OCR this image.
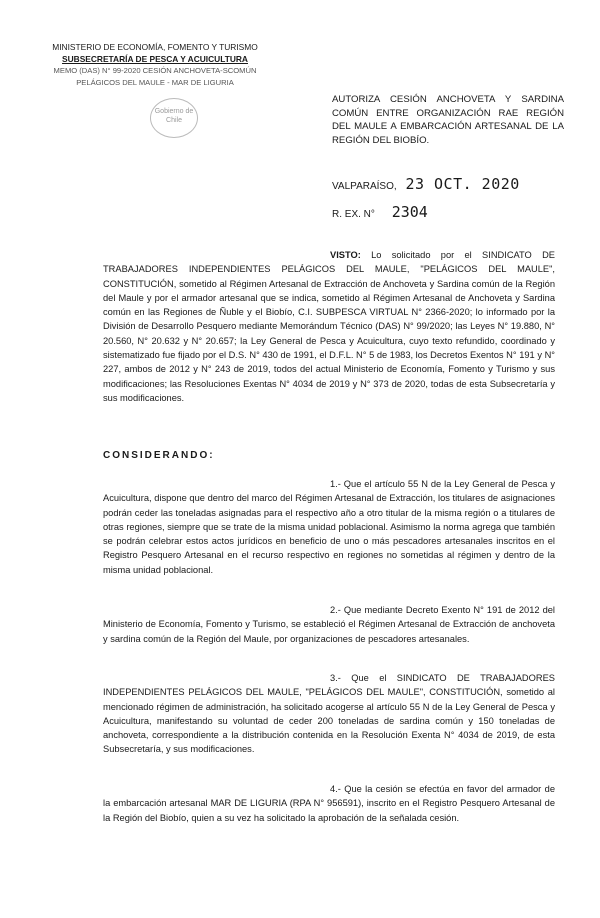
MINISTERIO DE ECONOMÍA, FOMENTO Y TURISMO
SUBSECRETARÍA DE PESCA Y ACUICULTURA
MEMO (DAS) N° 99-2020 CESIÓN ANCHOVETA-SCOMÚN
PELÁGICOS DEL MAULE - MAR DE LIGURIA
Gobierno de Chile
AUTORIZA CESIÓN ANCHOVETA Y SARDINA COMÚN ENTRE ORGANIZACIÓN RAE REGIÓN DEL MAULE A EMBARCACIÓN ARTESANAL DE LA REGIÓN DEL BIOBÍO.
VALPARAÍSO, 23 OCT. 2020
R. EX. N° 2304
VISTO: Lo solicitado por el SINDICATO DE TRABAJADORES INDEPENDIENTES PELÁGICOS DEL MAULE, "PELÁGICOS DEL MAULE", CONSTITUCIÓN, sometido al Régimen Artesanal de Extracción de Anchoveta y Sardina común de la Región del Maule y por el armador artesanal que se indica, sometido al Régimen Artesanal de Anchoveta y Sardina común en las Regiones de Ñuble y el Biobío, C.I. SUBPESCA VIRTUAL N° 2366-2020; lo informado por la División de Desarrollo Pesquero mediante Memorándum Técnico (DAS) N° 99/2020; las Leyes N° 19.880, N° 20.560, N° 20.632 y N° 20.657; la Ley General de Pesca y Acuicultura, cuyo texto refundido, coordinado y sistematizado fue fijado por el D.S. N° 430 de 1991, el D.F.L. N° 5 de 1983, los Decretos Exentos N° 191 y N° 227, ambos de 2012 y N° 243 de 2019, todos del actual Ministerio de Economía, Fomento y Turismo y sus modificaciones; las Resoluciones Exentas N° 4034 de 2019 y N° 373 de 2020, todas de esta Subsecretaría y sus modificaciones.
CONSIDERANDO:
1.- Que el artículo 55 N de la Ley General de Pesca y Acuicultura, dispone que dentro del marco del Régimen Artesanal de Extracción, los titulares de asignaciones podrán ceder las toneladas asignadas para el respectivo año a otro titular de la misma región o a titulares de otras regiones, siempre que se trate de la misma unidad poblacional. Asimismo la norma agrega que también se podrán celebrar estos actos jurídicos en beneficio de uno o más pescadores artesanales inscritos en el Registro Pesquero Artesanal en el recurso respectivo en regiones no sometidas al régimen y dentro de la misma unidad poblacional.
2.- Que mediante Decreto Exento N° 191 de 2012 del Ministerio de Economía, Fomento y Turismo, se estableció el Régimen Artesanal de Extracción de anchoveta y sardina común de la Región del Maule, por organizaciones de pescadores artesanales.
3.- Que el SINDICATO DE TRABAJADORES INDEPENDIENTES PELÁGICOS DEL MAULE, "PELÁGICOS DEL MAULE", CONSTITUCIÓN, sometido al mencionado régimen de administración, ha solicitado acogerse al artículo 55 N de la Ley General de Pesca y Acuicultura, manifestando su voluntad de ceder 200 toneladas de sardina común y 150 toneladas de anchoveta, correspondiente a la distribución contenida en la Resolución Exenta N° 4034 de 2019, de esta Subsecretaría, y sus modificaciones.
4.- Que la cesión se efectúa en favor del armador de la embarcación artesanal MAR DE LIGURIA (RPA N° 956591), inscrito en el Registro Pesquero Artesanal de la Región del Biobío, quien a su vez ha solicitado la aprobación de la señalada cesión.
